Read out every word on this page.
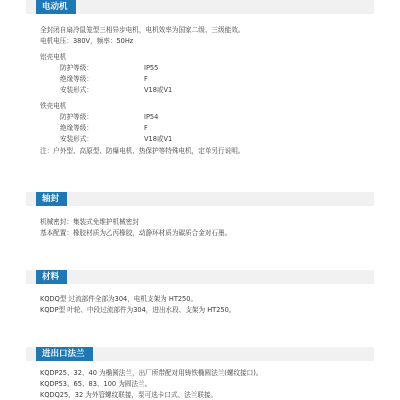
电动机
全封闭自扇冷鼠笼型三相异步电机，电机效率为国家二级、三级能效。
电机电压：380V，频率：50Hz
铝壳电机
防护等级：	IP55
绝缘等级：	F
安装形式：	V18或V1
铁壳电机
防护等级：	IP54
绝缘等级：	F
安装形式：	V18或V1
注：户外型、高原型、防爆电机、热保护等特殊电机，定单另行说明。
轴封
机械密封：集装式免维护机械密封
基本配置：橡胶材质为乙丙橡胶，动静环材质为碳质合金对石墨。
材料
KQDQ型 过流部件全部为304，电机支架为 HT250。
KQDP型 叶轮、中段过流部件为304，进出水段、支架为 HT250。
进出口法兰
KQDP25、32、40 为椭圆法兰，出厂所带配对用铸铁椭圆法兰(螺纹接口)。
KQDP53、65、83、100 为圆法兰。
KQDQ25、32 为外管螺纹联接，泵可选卡口式、法兰联接。
